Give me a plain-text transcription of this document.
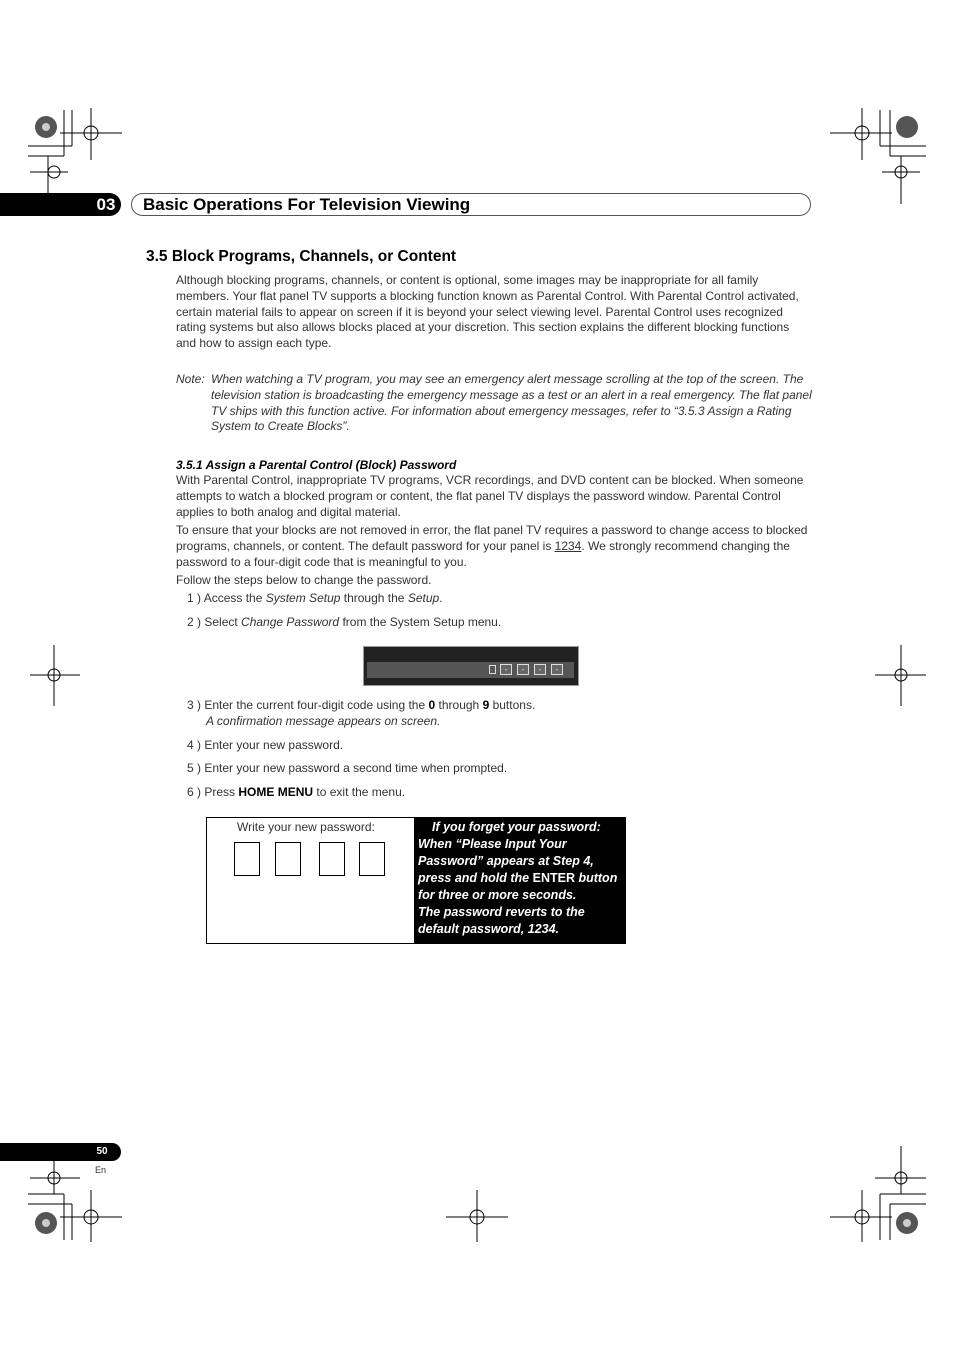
03	Basic Operations For Television Viewing
3.5 Block Programs, Channels, or Content
Although blocking programs, channels, or content is optional, some images may be inappropriate for all family members. Your flat panel TV supports a blocking function known as Parental Control. With Parental Control activated, certain material fails to appear on screen if it is beyond your select viewing level. Parental Control uses recognized rating systems but also allows blocks placed at your discretion. This section explains the different blocking functions and how to assign each type.
Note: When watching a TV program, you may see an emergency alert message scrolling at the top of the screen. The television station is broadcasting the emergency message as a test or an alert in a real emergency. The flat panel TV ships with this function active. For information about emergency messages, refer to “3.5.3 Assign a Rating System to Create Blocks”.
3.5.1 Assign a Parental Control (Block) Password
With Parental Control, inappropriate TV programs, VCR recordings, and DVD content can be blocked. When someone attempts to watch a blocked program or content, the flat panel TV displays the password window. Parental Control applies to both analog and digital material.
To ensure that your blocks are not removed in error, the flat panel TV requires a password to change access to blocked programs, channels, or content. The default password for your panel is 1234. We strongly recommend changing the password to a four-digit code that is meaningful to you.
Follow the steps below to change the password.
1 ) Access the System Setup through the Setup.
2 ) Select Change Password from the System Setup menu.
-	-	-	-
3 ) Enter the current four-digit code using the 0 through 9 buttons.
A confirmation message appears on screen.
4 ) Enter your new password.
5 ) Enter your new password a second time when prompted.
6 ) Press HOME MENU to exit the menu.
Write your new password:	If you forget your password:
When “Please Input Your Password” appears at Step 4, press and hold the ENTER button for three or more seconds.
The password reverts to the default password, 1234.
50
En
